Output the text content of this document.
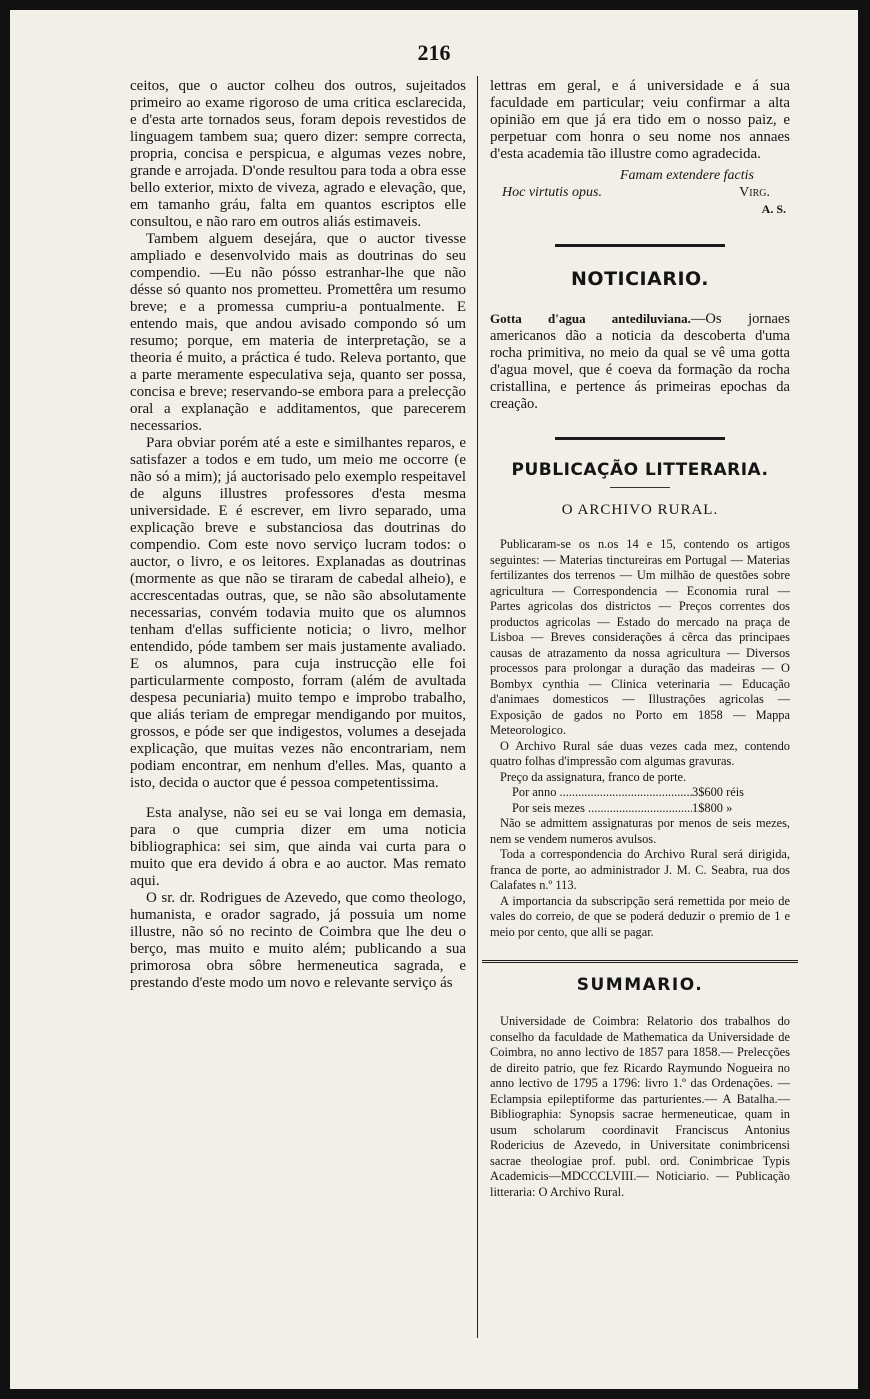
216

ceitos, que o auctor colheu dos outros, sujeitados primeiro ao exame rigoroso de uma critica esclarecida, e d'esta arte tornados seus, foram depois revestidos de linguagem tambem sua; quero dizer: sempre correcta, propria, concisa e perspicua, e algumas vezes nobre, grande e arrojada. D'onde resultou para toda a obra esse bello exterior, mixto de viveza, agrado e elevação, que, em tamanho gráu, falta em quantos escriptos elle consultou, e não raro em outros aliás estimaveis.

Tambem alguem desejára, que o auctor tivesse ampliado e desenvolvido mais as doutrinas do seu compendio. —Eu não pósso estranhar-lhe que não désse só quanto nos prometteu. Promettêra um resumo breve; e a promessa cumpriu-a pontualmente. E entendo mais, que andou avisado compondo só um resumo; porque, em materia de interpretação, se a theoria é muito, a práctica é tudo. Releva portanto, que a parte meramente especulativa seja, quanto ser possa, concisa e breve; reservando-se embora para a prelecção oral a explanação e additamentos, que parecerem necessarios.

Para obviar porém até a este e similhantes reparos, e satisfazer a todos e em tudo, um meio me occorre (e não só a mim); já auctorisado pelo exemplo respeitavel de alguns illustres professores d'esta mesma universidade. E é escrever, em livro separado, uma explicação breve e substanciosa das doutrinas do compendio. Com este novo serviço lucram todos: o auctor, o livro, e os leitores. Explanadas as doutrinas (mormente as que não se tiraram de cabedal alheio), e accrescentadas outras, que, se não são absolutamente necessarias, convém todavia muito que os alumnos tenham d'ellas sufficiente noticia; o livro, melhor entendido, póde tambem ser mais justamente avaliado. E os alumnos, para cuja instrucção elle foi particularmente composto, forram (além de avultada despesa pecuniaria) muito tempo e improbo trabalho, que aliás teriam de empregar mendigando por muitos, grossos, e póde ser que indigestos, volumes a desejada explicação, que muitas vezes não encontrariam, nem podiam encontrar, em nenhum d'elles. Mas, quanto a isto, decida o auctor que é pessoa competentissima.

Esta analyse, não sei eu se vai longa em demasia, para o que cumpria dizer em uma noticia bibliographica: sei sim, que ainda vai curta para o muito que era devido á obra e ao auctor. Mas remato aqui.

O sr. dr. Rodrigues de Azevedo, que como theologo, humanista, e orador sagrado, já possuia um nome illustre, não só no recinto de Coimbra que lhe deu o berço, mas muito e muito além; publicando a sua primorosa obra sôbre hermeneutica sagrada, e prestando d'este modo um novo e relevante serviço ás

lettras em geral, e á universidade e á sua faculdade em particular; veiu confirmar a alta opinião em que já era tido em o nosso paiz, e perpetuar com honra o seu nome nos annaes d'esta academia tão illustre como agradecida.

Famam extendere factis
Hoc virtutis opus.	Virg.
A. S.
NOTICIARIO.

Gotta d'agua antediluviana.—Os jornaes americanos dão a noticia da descoberta d'uma rocha primitiva, no meio da qual se vê uma gotta d'agua movel, que é coeva da formação da rocha cristallina, e pertence ás primeiras epochas da creação.

PUBLICAÇÃO LITTERARIA.
O ARCHIVO RURAL.

Publicaram-se os n.os 14 e 15, contendo os artigos seguintes: — Materias tinctureiras em Portugal — Materias fertilizantes dos terrenos — Um milhão de questões sobre agricultura — Correspondencia — Economia rural — Partes agricolas dos districtos — Preços correntes dos productos agricolas — Estado do mercado na praça de Lisboa — Breves considerações á cêrca das principaes causas de atrazamento da nossa agricultura — Diversos processos para prolongar a duração das madeiras — O Bombyx cynthia — Clinica veterinaria — Educação d'animaes domesticos — Illustrações agricolas — Exposição de gados no Porto em 1858 — Mappa Meteorologico.

O Archivo Rural sáe duas vezes cada mez, contendo quatro folhas d'impressão com algumas gravuras.

Preço da assignatura, franco de porte.

Por anno .....	3$600 réis
Por seis mezes .....	1$800 »

Não se admittem assignaturas por menos de seis mezes, nem se vendem numeros avulsos.

Toda a correspondencia do Archivo Rural será dirigida, franca de porte, ao administrador J. M. C. Seabra, rua dos Calafates n.º 113.

A importancia da subscripção será remettida por meio de vales do correio, de que se poderá deduzir o premio de 1 e meio por cento, que alli se pagar.

SUMMARIO.

Universidade de Coimbra: Relatorio dos trabalhos do conselho da faculdade de Mathematica da Universidade de Coimbra, no anno lectivo de 1857 para 1858.— Prelecções de direito patrio, que fez Ricardo Raymundo Nogueira no anno lectivo de 1795 a 1796: livro 1.º das Ordenações. — Eclampsia epileptiforme das parturientes.— A Batalha.— Bibliographia: Synopsis sacrae hermeneuticae, quam in usum scholarum coordinavit Franciscus Antonius Rodericius de Azevedo, in Universitate conimbricensi sacrae theologiae prof. publ. ord. Conimbricae Typis Academicis—MDCCCLVIII.— Noticiario. — Publicação litteraria: O Archivo Rural.
